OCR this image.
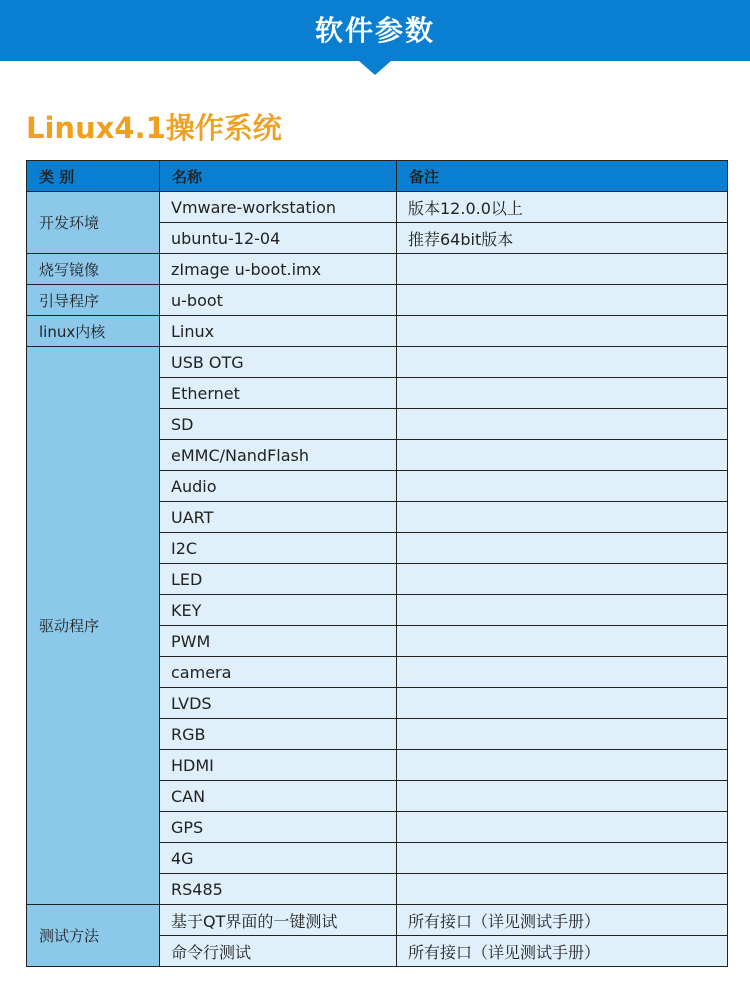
软件参数
Linux4.1操作系统
类 别	名称	备注
开发环境	Vmware-workstation	版本12.0.0以上
	ubuntu-12-04	推荐64bit版本
烧写镜像	zImage u-boot.imx	
引导程序	u-boot	
linux内核	Linux	
驱动程序	USB OTG	
	Ethernet	
	SD	
	eMMC/NandFlash	
	Audio	
	UART	
	I2C	
	LED	
	KEY	
	PWM	
	camera	
	LVDS	
	RGB	
	HDMI	
	CAN	
	GPS	
	4G	
	RS485	
测试方法	基于QT界面的一键测试	所有接口（详见测试手册）
	命令行测试	所有接口（详见测试手册）
